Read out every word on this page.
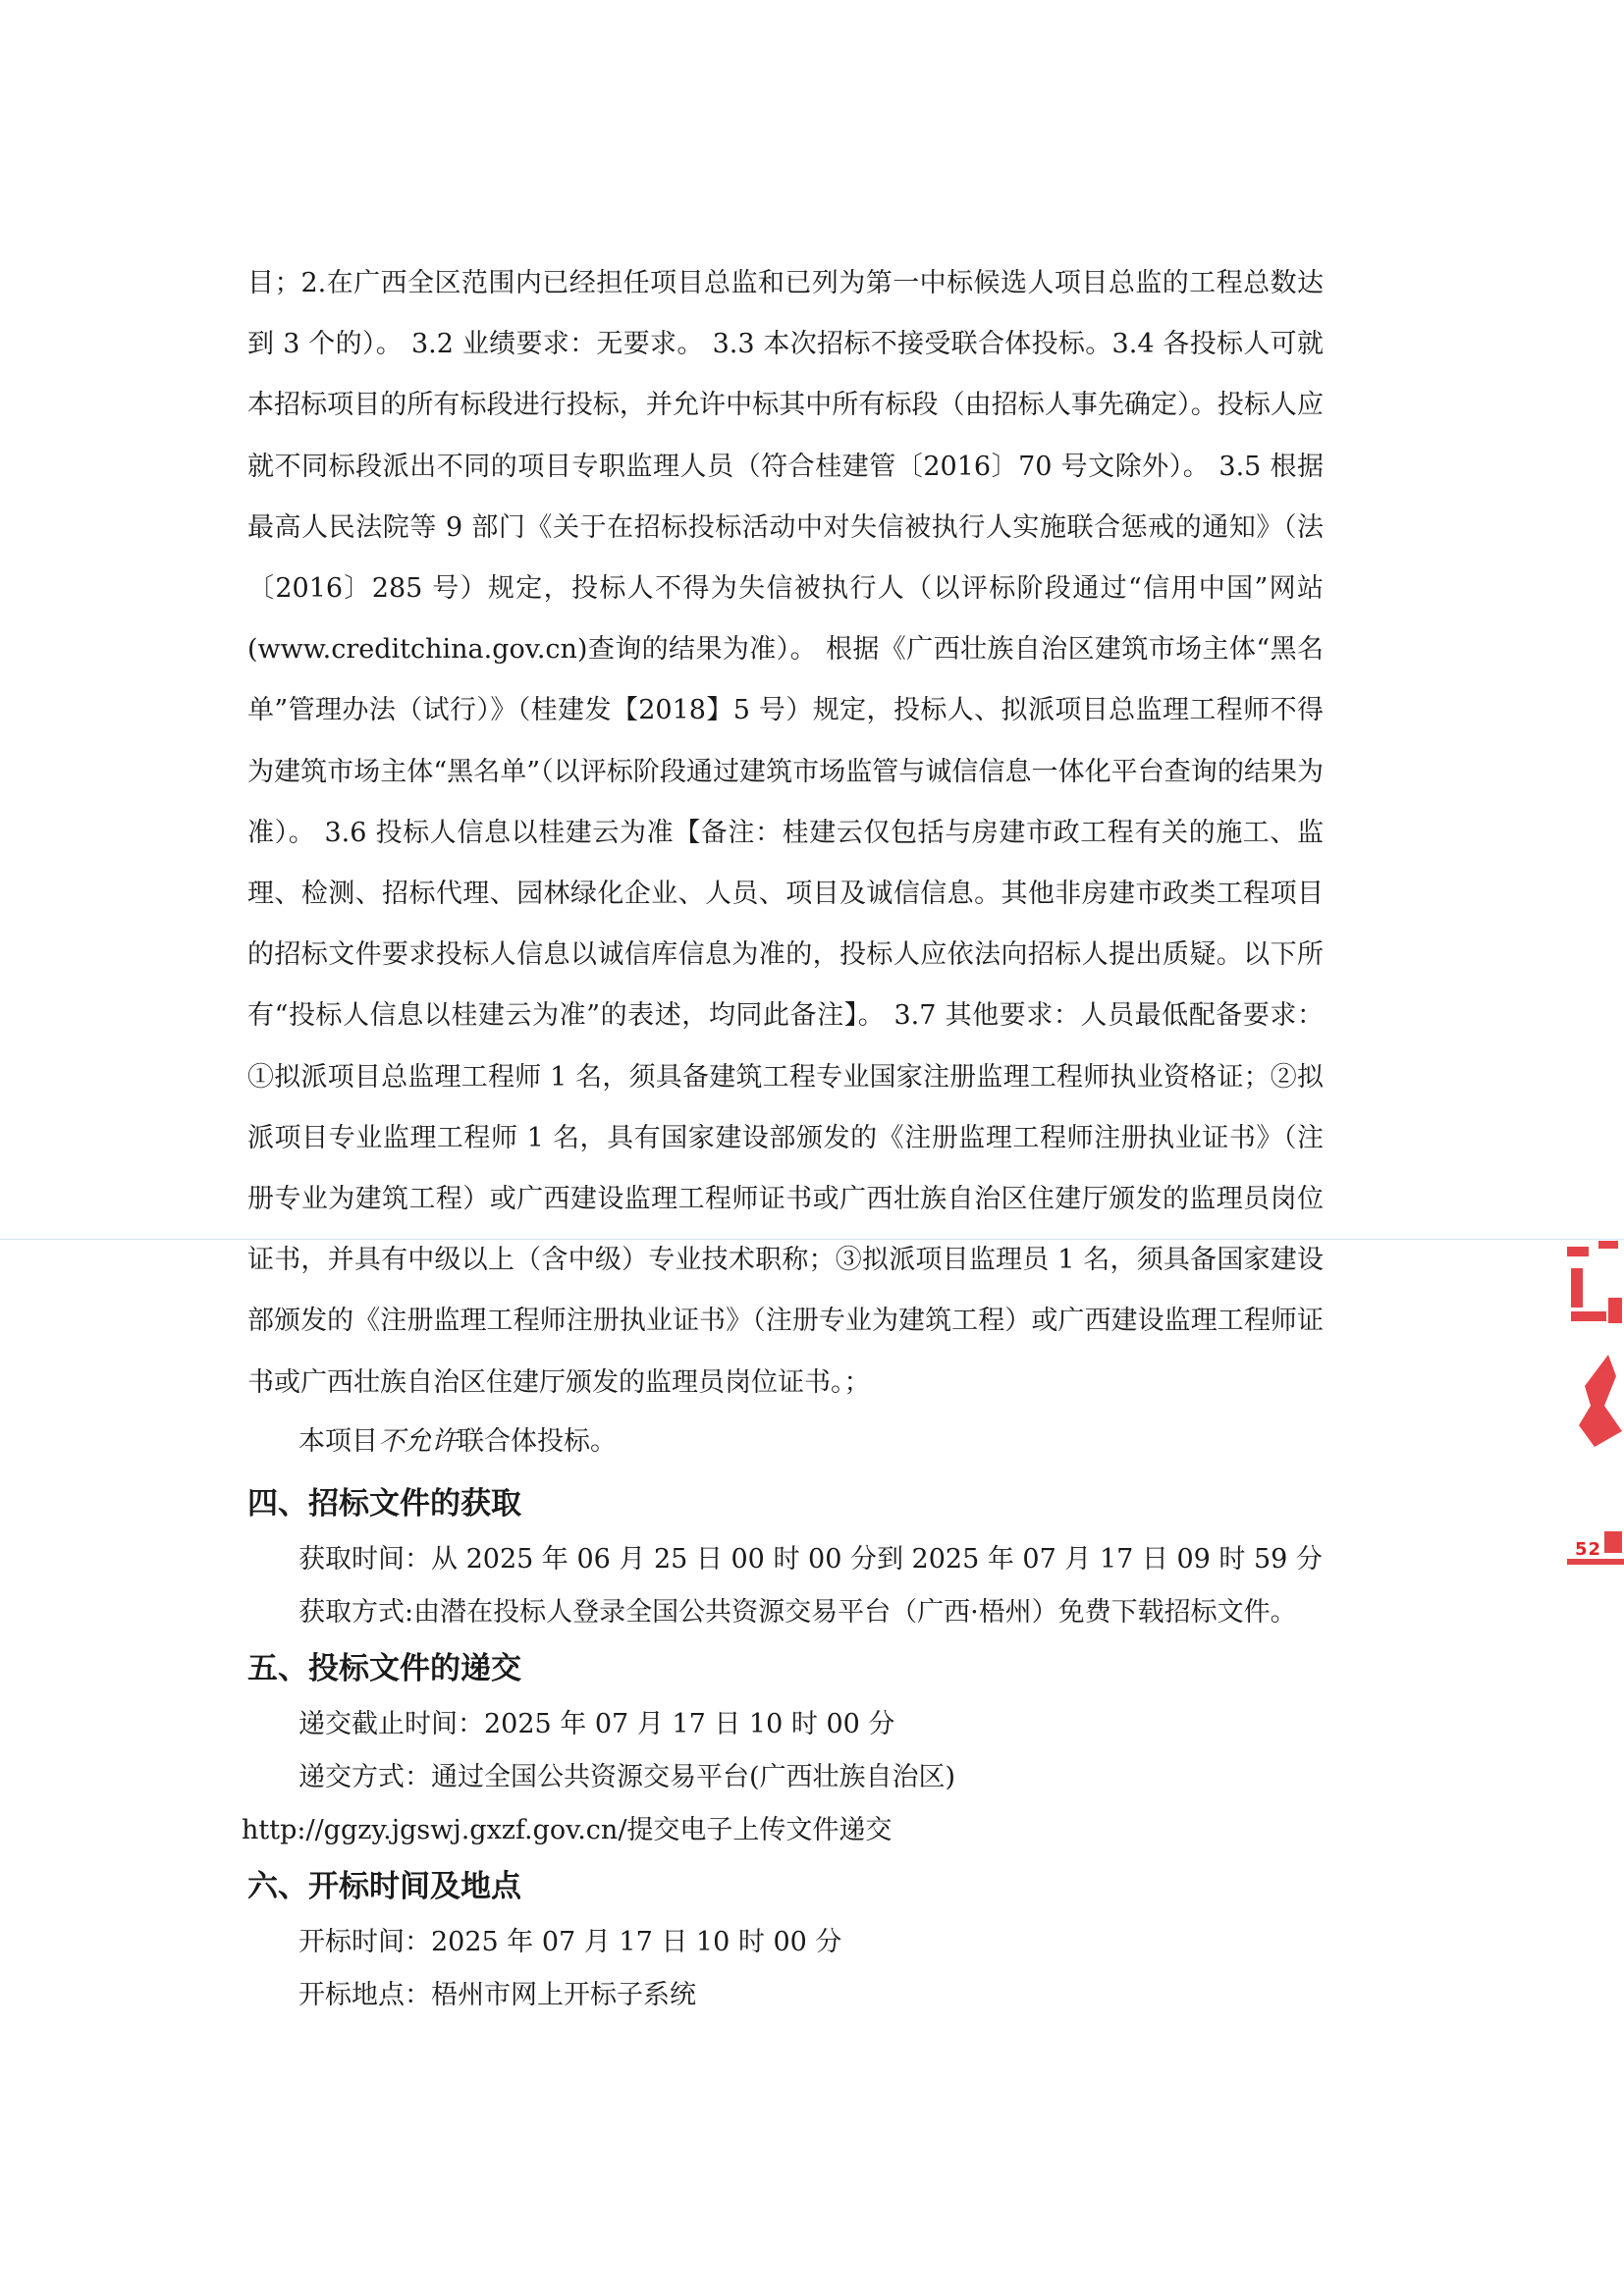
目；2.在广西全区范围内已经担任项目总监和已列为第一中标候选人项目总监的工程总数达到 3 个的）。 3.2 业绩要求：无要求。 3.3 本次招标不接受联合体投标。3.4 各投标人可就本招标项目的所有标段进行投标，并允许中标其中所有标段（由招标人事先确定）。投标人应就不同标段派出不同的项目专职监理人员（符合桂建管〔2016〕70 号文除外）。 3.5 根据最高人民法院等 9 部门《关于在招标投标活动中对失信被执行人实施联合惩戒的通知》（法〔2016〕285 号）规定，投标人不得为失信被执行人（以评标阶段通过“信用中国”网站(www.creditchina.gov.cn)查询的结果为准）。 根据《广西壮族自治区建筑市场主体“黑名单”管理办法（试行）》（桂建发【2018】5 号）规定，投标人、拟派项目总监理工程师不得为建筑市场主体“黑名单”（以评标阶段通过建筑市场监管与诚信信息一体化平台查询的结果为准）。 3.6 投标人信息以桂建云为准【备注：桂建云仅包括与房建市政工程有关的施工、监理、检测、招标代理、园林绿化企业、人员、项目及诚信信息。其他非房建市政类工程项目的招标文件要求投标人信息以诚信库信息为准的，投标人应依法向招标人提出质疑。以下所有“投标人信息以桂建云为准”的表述，均同此备注】。 3.7 其他要求：人员最低配备要求： ①拟派项目总监理工程师 1 名，须具备建筑工程专业国家注册监理工程师执业资格证；②拟派项目专业监理工程师 1 名，具有国家建设部颁发的《注册监理工程师注册执业证书》（注册专业为建筑工程）或广西建设监理工程师证书或广西壮族自治区住建厅颁发的监理员岗位证书，并具有中级以上（含中级）专业技术职称；③拟派项目监理员 1 名，须具备国家建设部颁发的《注册监理工程师注册执业证书》（注册专业为建筑工程）或广西建设监理工程师证书或广西壮族自治区住建厅颁发的监理员岗位证书。；

本项目不允许联合体投标。

四、招标文件的获取

获取时间：从 2025 年 06 月 25 日 00 时 00 分到 2025 年 07 月 17 日 09 时 59 分

获取方式:由潜在投标人登录全国公共资源交易平台（广西·梧州）免费下载招标文件。

五、投标文件的递交

递交截止时间：2025 年 07 月 17 日 10 时 00 分

递交方式：通过全国公共资源交易平台(广西壮族自治区)

http://ggzy.jgswj.gxzf.gov.cn/提交电子上传文件递交

六、开标时间及地点

开标时间：2025 年 07 月 17 日 10 时 00 分

开标地点：梧州市网上开标子系统

52
